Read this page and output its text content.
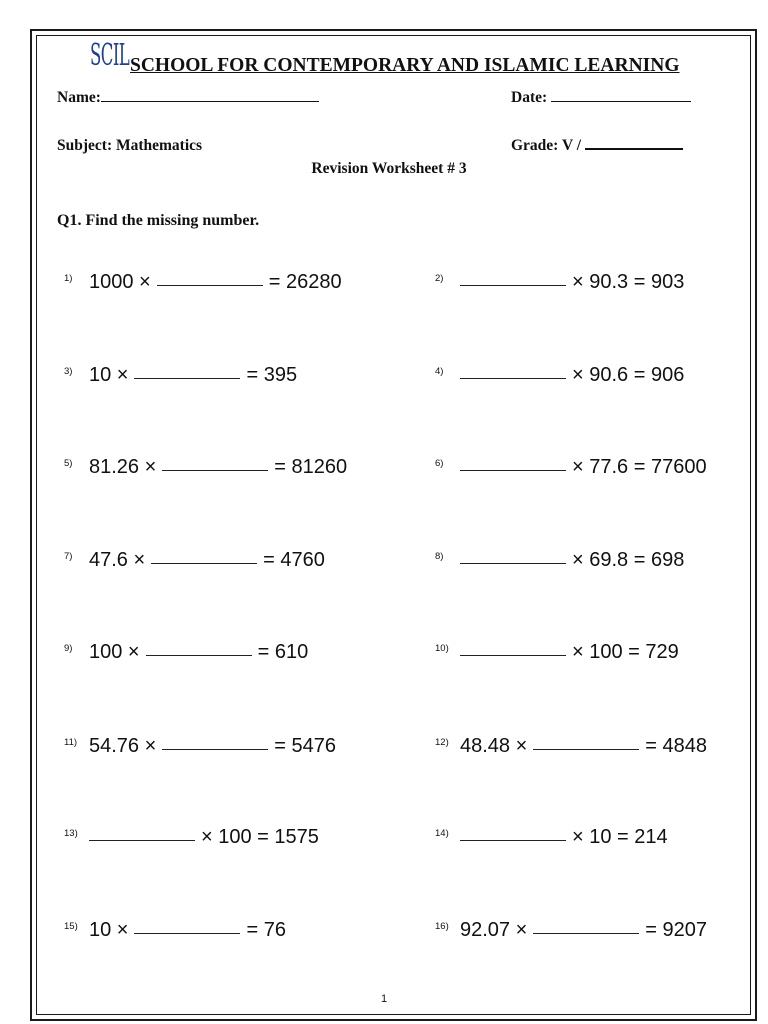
SCIL SCHOOL FOR CONTEMPORARY AND ISLAMIC LEARNING
Name:	Date:
Subject: Mathematics	Grade: V /
Revision Worksheet # 3
Q1. Find the missing number.
1) 1000 ×	= 26280	2)	× 90.3 = 903
3) 10 ×	= 395	4)	× 90.6 = 906
5) 81.26 ×	= 81260	6)	× 77.6 = 77600
7) 47.6 ×	= 4760	8)	× 69.8 = 698
9) 100 ×	= 610	10)	× 100 = 729
11) 54.76 ×	= 5476	12) 48.48 ×	= 4848
13)	× 100 = 1575	14)	× 10 = 214
15) 10 ×	= 76	16) 92.07 ×	= 9207
1
